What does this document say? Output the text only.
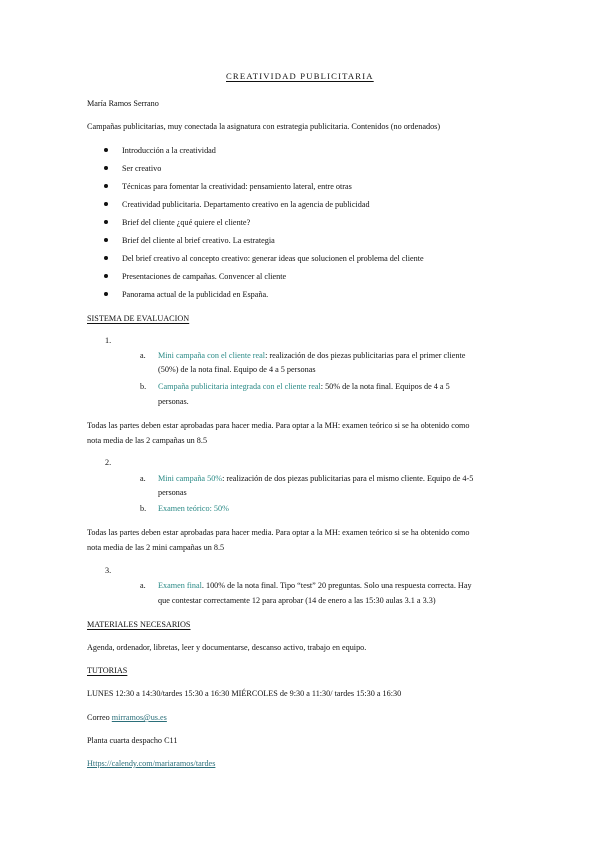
CREATIVIDAD PUBLICITARIA
María Ramos Serrano
Campañas publicitarias, muy conectada la asignatura con estrategia publicitaria. Contenidos (no ordenados)
Introducción a la creatividad
Ser creativo
Técnicas para fomentar la creatividad: pensamiento lateral, entre otras
Creatividad publicitaria. Departamento creativo en la agencia de publicidad
Brief del cliente ¿qué quiere el cliente?
Brief del cliente al brief creativo. La estrategia
Del brief creativo al concepto creativo: generar ideas que solucionen el problema del cliente
Presentaciones de campañas. Convencer al cliente
Panorama actual de la publicidad en España.
SISTEMA DE EVALUACION
1.
a. Mini campaña con el cliente real: realización de dos piezas publicitarias para el primer cliente
(50%) de la nota final. Equipo de 4 a 5 personas
b. Campaña publicitaria integrada con el cliente real: 50% de la nota final. Equipos de 4 a 5
personas.
Todas las partes deben estar aprobadas para hacer media. Para optar a la MH: examen teórico si se ha obtenido como
nota media de las 2 campañas un 8.5
2.
a. Mini campaña 50%: realización de dos piezas publicitarias para el mismo cliente. Equipo de 4-5
personas
b. Examen teórico: 50%
Todas las partes deben estar aprobadas para hacer media. Para optar a la MH: examen teórico si se ha obtenido como
nota media de las 2 mini campañas un 8.5
3.
a. Examen final. 100% de la nota final. Tipo “test” 20 preguntas. Solo una respuesta correcta. Hay
que contestar correctamente 12 para aprobar (14 de enero a las 15:30 aulas 3.1 a 3.3)
MATERIALES NECESARIOS
Agenda, ordenador, libretas, leer y documentarse, descanso activo, trabajo en equipo.
TUTORIAS
LUNES 12:30 a 14:30/tardes 15:30 a 16:30 MIÉRCOLES de 9:30 a 11:30/ tardes 15:30 a 16:30
Correo mirramos@us.es
Planta cuarta despacho C11
Https://calendy.com/mariaramos/tardes
